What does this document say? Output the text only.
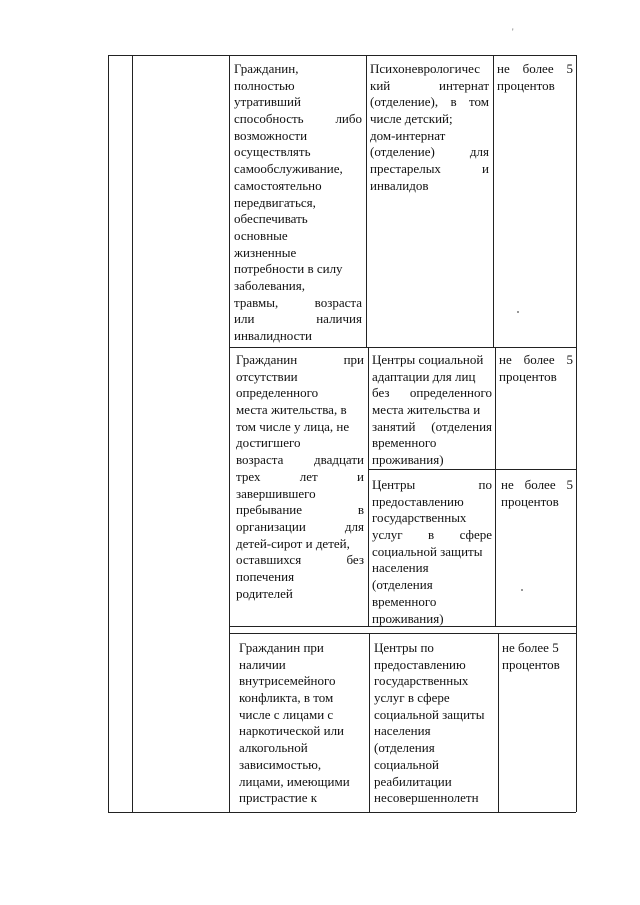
'
Гражданин,
полностью
утративший
способность либо
возможности
осуществлять
самообслуживание,
самостоятельно
передвигаться,
обеспечивать
основные
жизненные
потребности в силу
заболевания,
травмы, возраста
или наличия
инвалидности
Психоневрологичес
кий интернат
(отделение), в том
числе детский;
дом-интернат
(отделение) для
престарелых и
инвалидов
не более 5
процентов
Гражданин при
отсутствии
определенного
места жительства, в
том числе у лица, не
достигшего
возраста двадцати
трех лет и
завершившего
пребывание в
организации для
детей-сирот и детей,
оставшихся без
попечения
родителей
Центры социальной
адаптации для лиц
без определенного
места жительства и
занятий (отделения
временного
проживания)
не более 5
процентов
Центры по
предоставлению
государственных
услуг в сфере
социальной защиты
населения
(отделения
временного
проживания)
не более 5
процентов
Гражданин при
наличии
внутрисемейного
конфликта, в том
числе с лицами с
наркотической или
алкогольной
зависимостью,
лицами, имеющими
пристрастие к
Центры по
предоставлению
государственных
услуг в сфере
социальной защиты
населения
(отделения
социальной
реабилитации
несовершеннолетн
не более 5
процентов
